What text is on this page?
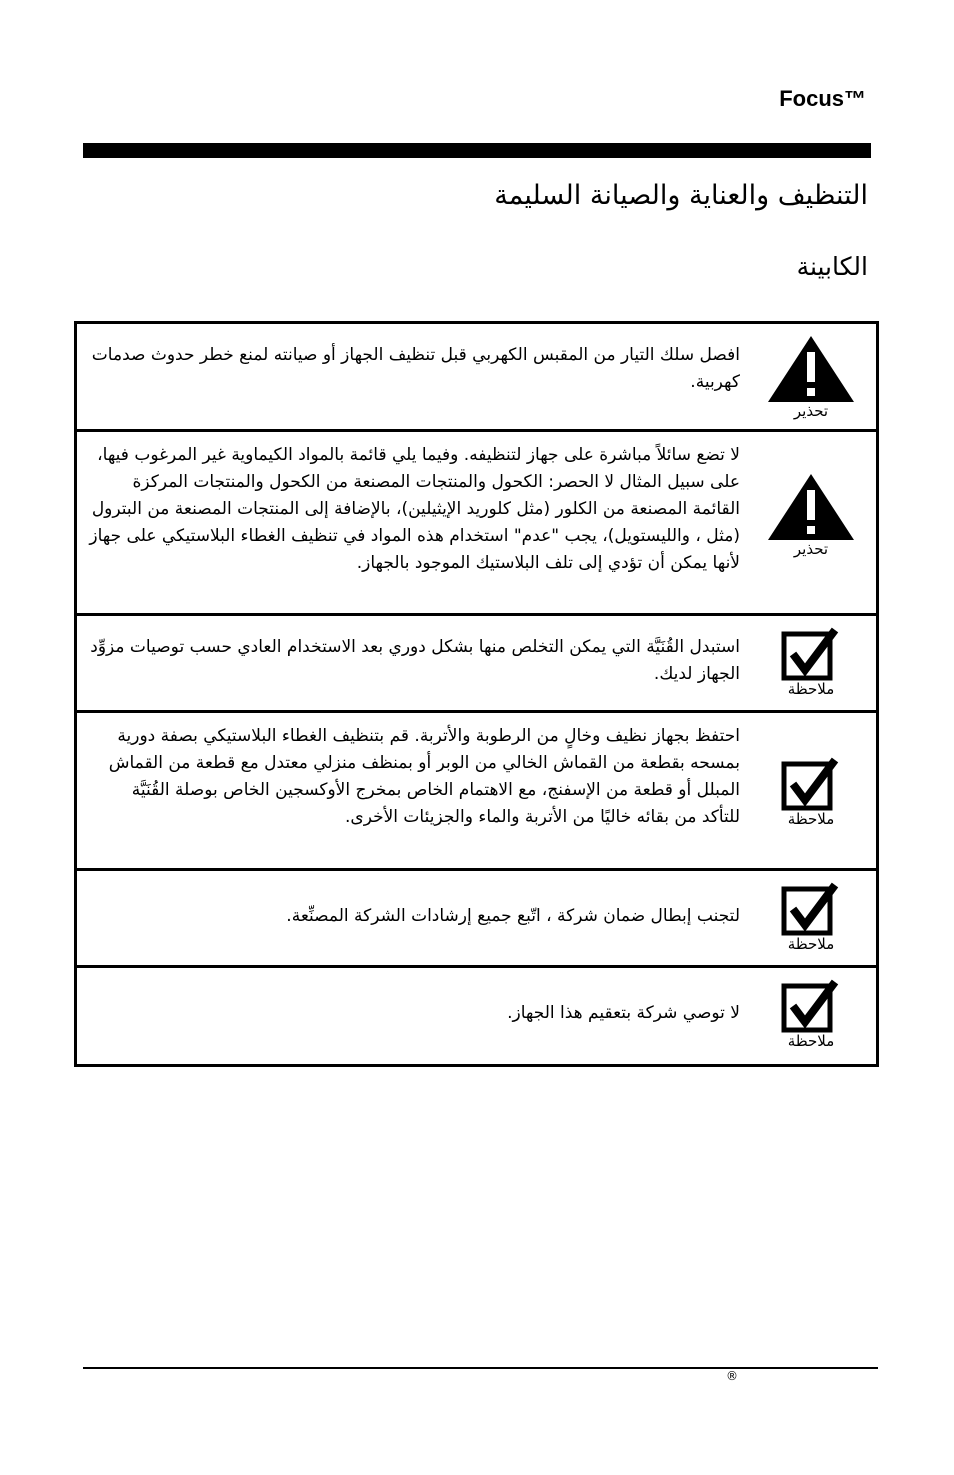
Focus™
التنظيف والعناية والصيانة السليمة
الكابينة
افصل سلك التيار من المقبس الكهربي قبل تنظيف الجهاز أو صيانته لمنع خطر حدوث صدمات كهربية.
تحذير
لا تضع سائلاً مباشرة على جهاز لتنظيفه. وفيما يلي قائمة بالمواد الكيماوية غير المرغوب فيها، على سبيل المثال لا الحصر: الكحول والمنتجات المصنعة من الكحول والمنتجات المركزة القائمة المصنعة من الكلور (مثل كلوريد الإيثيلين)، بالإضافة إلى المنتجات المصنعة من البترول (مثل ، والليستويل)، يجب "عدم" استخدام هذه المواد في تنظيف الغطاء البلاستيكي على جهاز لأنها يمكن أن تؤدي إلى تلف البلاستيك الموجود بالجهاز.
تحذير
استبدل القُنَيَّة التي يمكن التخلص منها بشكل دوري بعد الاستخدام العادي حسب توصيات مزوِّد الجهاز لديك.
ملاحظة
احتفظ بجهاز نظيف وخالٍ من الرطوبة والأتربة. قم بتنظيف الغطاء البلاستيكي بصفة دورية بمسحه بقطعة من القماش الخالي من الوبر أو بمنظف منزلي معتدل مع قطعة من القماش المبلل أو قطعة من الإسفنج، مع الاهتمام الخاص بمخرج الأوكسجين الخاص بوصلة القُنَيَّة للتأكد من بقائه خاليًا من الأتربة والماء والجزيئات الأخرى.	ملاحظة
لتجنب إبطال ضمان شركة ، اتّبع جميع إرشادات الشركة المصنِّعة.
ملاحظة
لا توصي شركة بتعقيم هذا الجهاز.
ملاحظة
®
